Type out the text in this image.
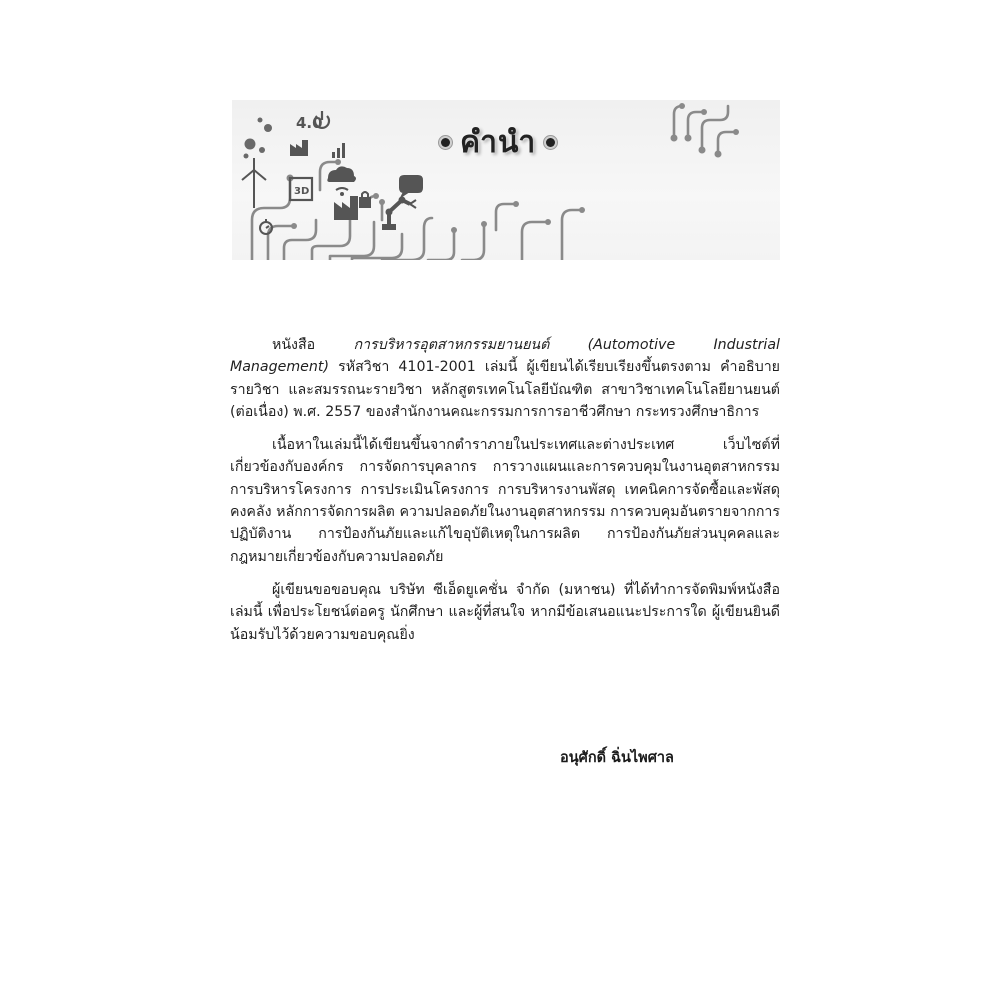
4.0
3D
คำนำ

หนังสือ การบริหารอุตสาหกรรมยานยนต์ (Automotive Industrial Management) รหัสวิชา 4101-2001 เล่มนี้ ผู้เขียนได้เรียบเรียงขึ้นตรงตาม คำอธิบายรายวิชา และสมรรถนะรายวิชา หลักสูตรเทคโนโลยีบัณฑิต สาขาวิชาเทคโนโลยียานยนต์ (ต่อเนื่อง) พ.ศ. 2557 ของสำนักงานคณะกรรมการการอาชีวศึกษา กระทรวงศึกษาธิการ

เนื้อหาในเล่มนี้ได้เขียนขึ้นจากตำราภายในประเทศและต่างประเทศ เว็บไซต์ที่เกี่ยวข้องกับองค์กร การจัดการบุคลากร การวางแผนและการควบคุมในงานอุตสาหกรรม การบริหารโครงการ การประเมินโครงการ การบริหารงานพัสดุ เทคนิคการจัดซื้อและพัสดุคงคลัง หลักการจัดการผลิต ความปลอดภัยในงานอุตสาหกรรม การควบคุมอันตรายจากการปฏิบัติงาน การป้องกันภัยและแก้ไขอุบัติเหตุในการผลิต การป้องกันภัยส่วนบุคคลและกฎหมายเกี่ยวข้องกับความปลอดภัย

ผู้เขียนขอขอบคุณ บริษัท ซีเอ็ดยูเคชั่น จำกัด (มหาชน) ที่ได้ทำการจัดพิมพ์หนังสือเล่มนี้ เพื่อประโยชน์ต่อครู นักศึกษา และผู้ที่สนใจ หากมีข้อเสนอแนะประการใด ผู้เขียนยินดีน้อมรับไว้ด้วยความขอบคุณยิ่ง

อนุศักดิ์ ฉิ่นไพศาล
